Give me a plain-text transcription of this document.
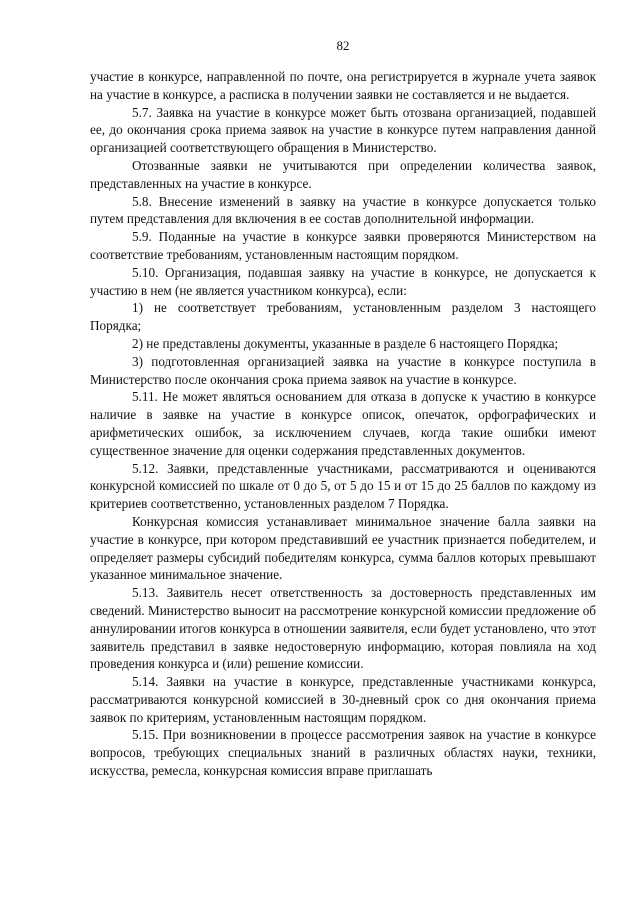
82

участие в конкурсе, направленной по почте, она регистрируется в журнале учета заявок на участие в конкурсе, а расписка в получении заявки не составляется и не выдается.

5.7. Заявка на участие в конкурсе может быть отозвана организацией, подавшей ее, до окончания срока приема заявок на участие в конкурсе путем направления данной организацией соответствующего обращения в Министерство.

Отозванные заявки не учитываются при определении количества заявок, представленных на участие в конкурсе.

5.8. Внесение изменений в заявку на участие в конкурсе допускается только путем представления для включения в ее состав дополнительной информации.

5.9. Поданные на участие в конкурсе заявки проверяются Министерством на соответствие требованиям, установленным настоящим порядком.

5.10. Организация, подавшая заявку на участие в конкурсе, не допускается к участию в нем (не является участником конкурса), если:

1) не соответствует требованиям, установленным разделом 3 настоящего Порядка;

2) не представлены документы, указанные в разделе 6 настоящего Порядка;

3) подготовленная организацией заявка на участие в конкурсе поступила в Министерство после окончания срока приема заявок на участие в конкурсе.

5.11. Не может являться основанием для отказа в допуске к участию в конкурсе наличие в заявке на участие в конкурсе описок, опечаток, орфографических и арифметических ошибок, за исключением случаев, когда такие ошибки имеют существенное значение для оценки содержания представленных документов.

5.12. Заявки, представленные участниками, рассматриваются и оцениваются конкурсной комиссией по шкале от 0 до 5, от 5 до 15 и от 15 до 25 баллов по каждому из критериев соответственно, установленных разделом 7 Порядка.

Конкурсная комиссия устанавливает минимальное значение балла заявки на участие в конкурсе, при котором представивший ее участник признается победителем, и определяет размеры субсидий победителям конкурса, сумма баллов которых превышают указанное минимальное значение.

5.13. Заявитель несет ответственность за достоверность представленных им сведений. Министерство выносит на рассмотрение конкурсной комиссии предложение об аннулировании итогов конкурса в отношении заявителя, если будет установлено, что этот заявитель представил в заявке недостоверную информацию, которая повлияла на ход проведения конкурса и (или) решение комиссии.

5.14. Заявки на участие в конкурсе, представленные участниками конкурса, рассматриваются конкурсной комиссией в 30-дневный срок со дня окончания приема заявок по критериям, установленным настоящим порядком.

5.15. При возникновении в процессе рассмотрения заявок на участие в конкурсе вопросов, требующих специальных знаний в различных областях науки, техники, искусства, ремесла, конкурсная комиссия вправе приглашать
